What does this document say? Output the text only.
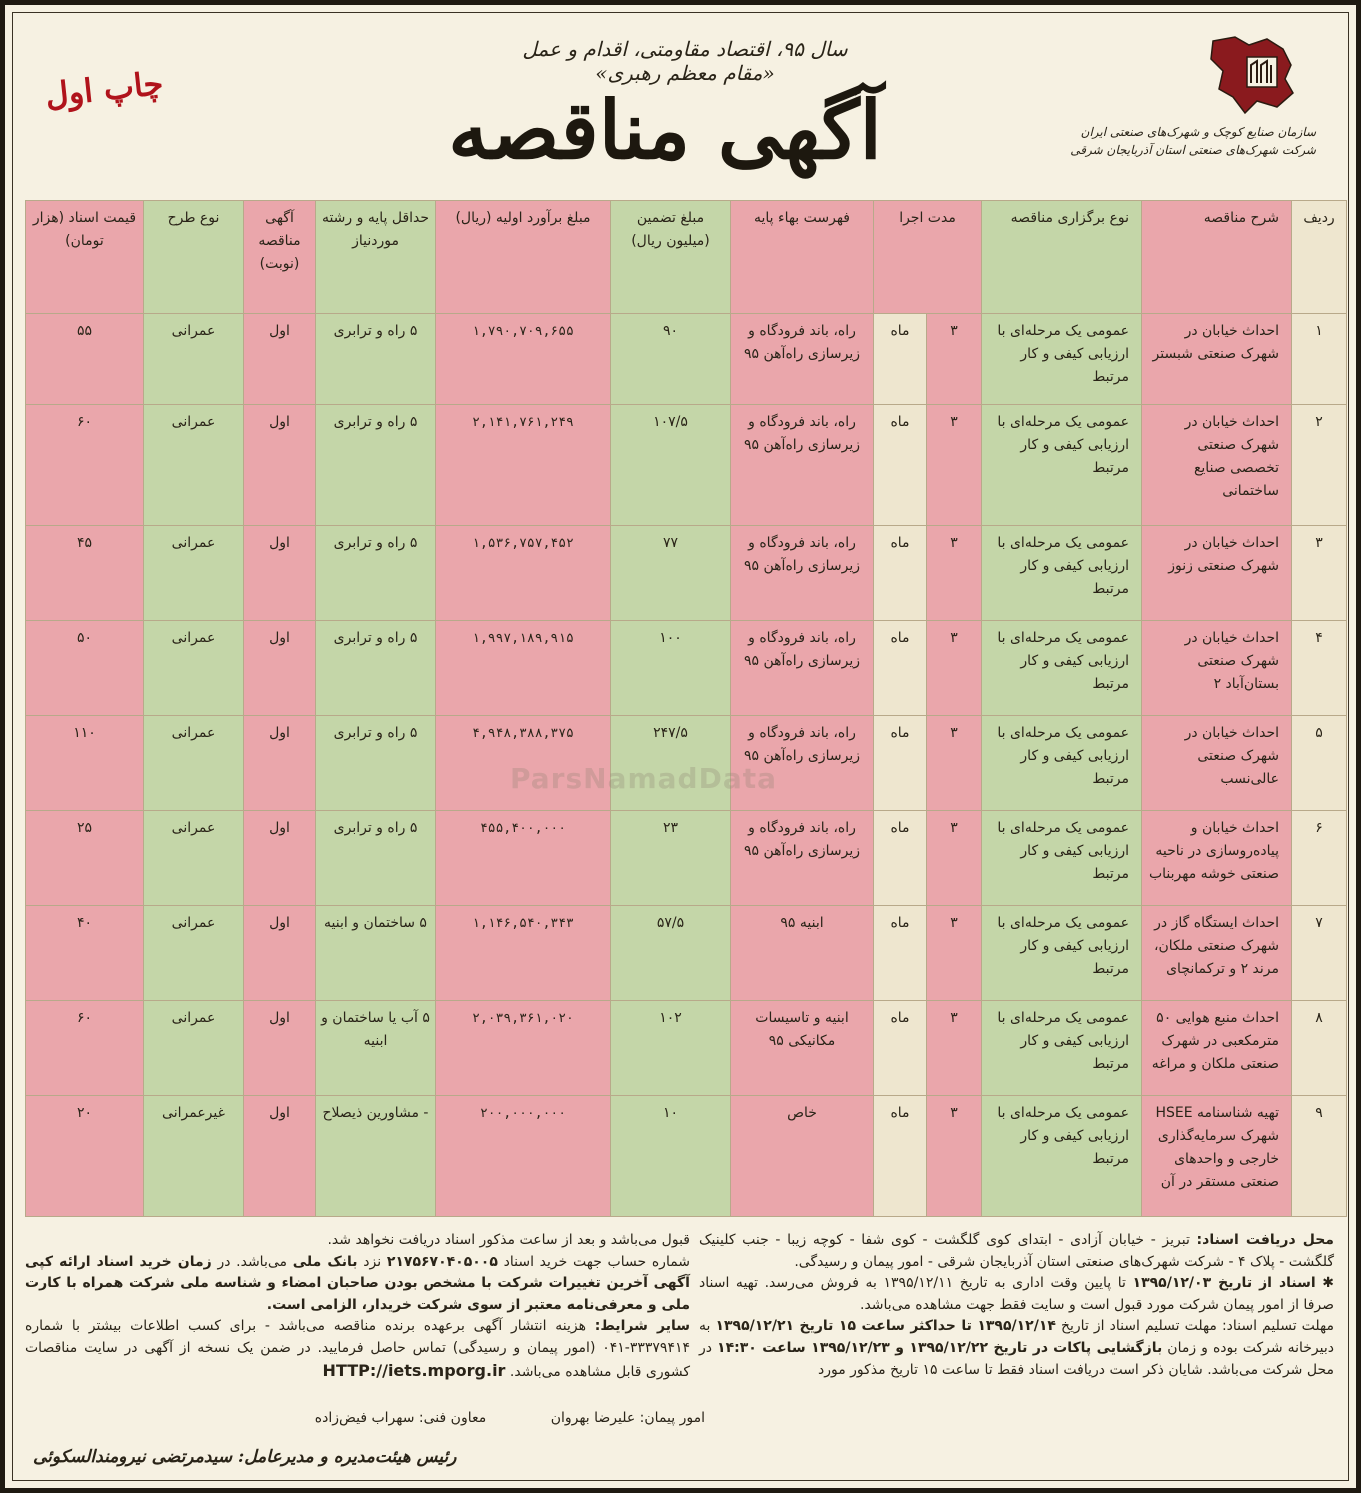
سال ۹۵، اقتصاد مقاومتی، اقدام و عمل «مقام معظم رهبری»
آگهی مناقصه
چاپ اول
سازمان صنایع کوچک و شهرک‌های صنعتی ایران
شرکت شهرک‌های صنعتی استان آذربایجان شرقی
ردیف	شرح مناقصه	نوع برگزاری مناقصه	مدت اجرا		فهرست بهاء پایه	مبلغ تضمین (میلیون ریال)	مبلغ برآورد اولیه (ریال)	حداقل پایه و رشته موردنیاز	آگهی مناقصه (نوبت)	نوع طرح	قیمت اسناد (هزار تومان)
۱	احداث خیابان در شهرک صنعتی شبستر	عمومی یک مرحله‌ای با ارزیابی کیفی و کار مرتبط	۳	ماه	راه، باند فرودگاه و زیرسازی راه‌آهن ۹۵	۹۰	۱,۷۹۰,۷۰۹,۶۵۵	۵ راه و ترابری	اول	عمرانی	۵۵
۲	احداث خیابان در شهرک صنعتی تخصصی صنایع ساختمانی	عمومی یک مرحله‌ای با ارزیابی کیفی و کار مرتبط	۳	ماه	راه، باند فرودگاه و زیرسازی راه‌آهن ۹۵	۱۰۷/۵	۲,۱۴۱,۷۶۱,۲۴۹	۵ راه و ترابری	اول	عمرانی	۶۰
۳	احداث خیابان در شهرک صنعتی زنوز	عمومی یک مرحله‌ای با ارزیابی کیفی و کار مرتبط	۳	ماه	راه، باند فرودگاه و زیرسازی راه‌آهن ۹۵	۷۷	۱,۵۳۶,۷۵۷,۴۵۲	۵ راه و ترابری	اول	عمرانی	۴۵
۴	احداث خیابان در شهرک صنعتی بستان‌آباد ۲	عمومی یک مرحله‌ای با ارزیابی کیفی و کار مرتبط	۳	ماه	راه، باند فرودگاه و زیرسازی راه‌آهن ۹۵	۱۰۰	۱,۹۹۷,۱۸۹,۹۱۵	۵ راه و ترابری	اول	عمرانی	۵۰
۵	احداث خیابان در شهرک صنعتی عالی‌نسب	عمومی یک مرحله‌ای با ارزیابی کیفی و کار مرتبط	۳	ماه	راه، باند فرودگاه و زیرسازی راه‌آهن ۹۵	۲۴۷/۵	۴,۹۴۸,۳۸۸,۳۷۵	۵ راه و ترابری	اول	عمرانی	۱۱۰
۶	احداث خیابان و پیاده‌روسازی در ناحیه صنعتی خوشه مهربناب	عمومی یک مرحله‌ای با ارزیابی کیفی و کار مرتبط	۳	ماه	راه، باند فرودگاه و زیرسازی راه‌آهن ۹۵	۲۳	۴۵۵,۴۰۰,۰۰۰	۵ راه و ترابری	اول	عمرانی	۲۵
۷	احداث ایستگاه گاز در شهرک صنعتی ملکان، مرند ۲ و ترکمانچای	عمومی یک مرحله‌ای با ارزیابی کیفی و کار مرتبط	۳	ماه	ابنیه ۹۵	۵۷/۵	۱,۱۴۶,۵۴۰,۳۴۳	۵ ساختمان و ابنیه	اول	عمرانی	۴۰
۸	احداث منبع هوایی ۵۰ مترمکعبی در شهرک صنعتی ملکان و مراغه	عمومی یک مرحله‌ای با ارزیابی کیفی و کار مرتبط	۳	ماه	ابنیه و تاسیسات مکانیکی ۹۵	۱۰۲	۲,۰۳۹,۳۶۱,۰۲۰	۵ آب یا ساختمان و ابنیه	اول	عمرانی	۶۰
۹	تهیه شناسنامه HSEE شهرک سرمایه‌گذاری خارجی و واحدهای صنعتی مستقر در آن	عمومی یک مرحله‌ای با ارزیابی کیفی و کار مرتبط	۳	ماه	خاص	۱۰	۲۰۰,۰۰۰,۰۰۰	- مشاورین ذیصلاح	اول	غیرعمرانی	۲۰
ParsNamadData
محل دریافت اسناد: تبریز - خیابان آزادی - ابتدای کوی گلگشت - کوی شفا - کوچه زیبا - جنب کلینیک گلگشت - پلاک ۴ - شرکت شهرک‌های صنعتی استان آذربایجان شرقی - امور پیمان و رسیدگی.
✱ اسناد از تاریخ ۱۳۹۵/۱۲/۰۳ تا پایین وقت اداری به تاریخ ۱۳۹۵/۱۲/۱۱ به فروش می‌رسد. تهیه اسناد صرفا از امور پیمان شرکت مورد قبول است و سایت فقط جهت مشاهده می‌باشد.
مهلت تسلیم اسناد: مهلت تسلیم اسناد از تاریخ ۱۳۹۵/۱۲/۱۴ تا حداکثر ساعت ۱۵ تاریخ ۱۳۹۵/۱۲/۲۱ به دبیرخانه شرکت بوده و زمان بازگشایی پاکات در تاریخ ۱۳۹۵/۱۲/۲۲ و ۱۳۹۵/۱۲/۲۳ ساعت ۱۴:۳۰ در محل شرکت می‌باشد. شایان ذکر است دریافت اسناد فقط تا ساعت ۱۵ تاریخ مذکور مورد
قبول می‌باشد و بعد از ساعت مذکور اسناد دریافت نخواهد شد.
شماره حساب جهت خرید اسناد ۲۱۷۵۶۷۰۴۰۵۰۰۵ نزد بانک ملی می‌باشد. در زمان خرید اسناد ارائه کپی آگهی آخرین تغییرات شرکت با مشخص بودن صاحبان امضاء و شناسه ملی شرکت همراه با کارت ملی و معرفی‌نامه معتبر از سوی شرکت خریدار، الزامی است.
سایر شرایط: هزینه انتشار آگهی برعهده برنده مناقصه می‌باشد - برای کسب اطلاعات بیشتر با شماره ۳۳۳۷۹۴۱۴-۰۴۱ (امور پیمان و رسیدگی) تماس حاصل فرمایید. در ضمن یک نسخه از آگهی در سایت مناقصات کشوری قابل مشاهده می‌باشد. HTTP://iets.mporg.ir
امور پیمان: علیرضا بهروان معاون فنی: سهراب فیض‌زاده
رئیس هیئت‌مدیره و مدیرعامل: سیدمرتضی نیرومندالسکوئی
